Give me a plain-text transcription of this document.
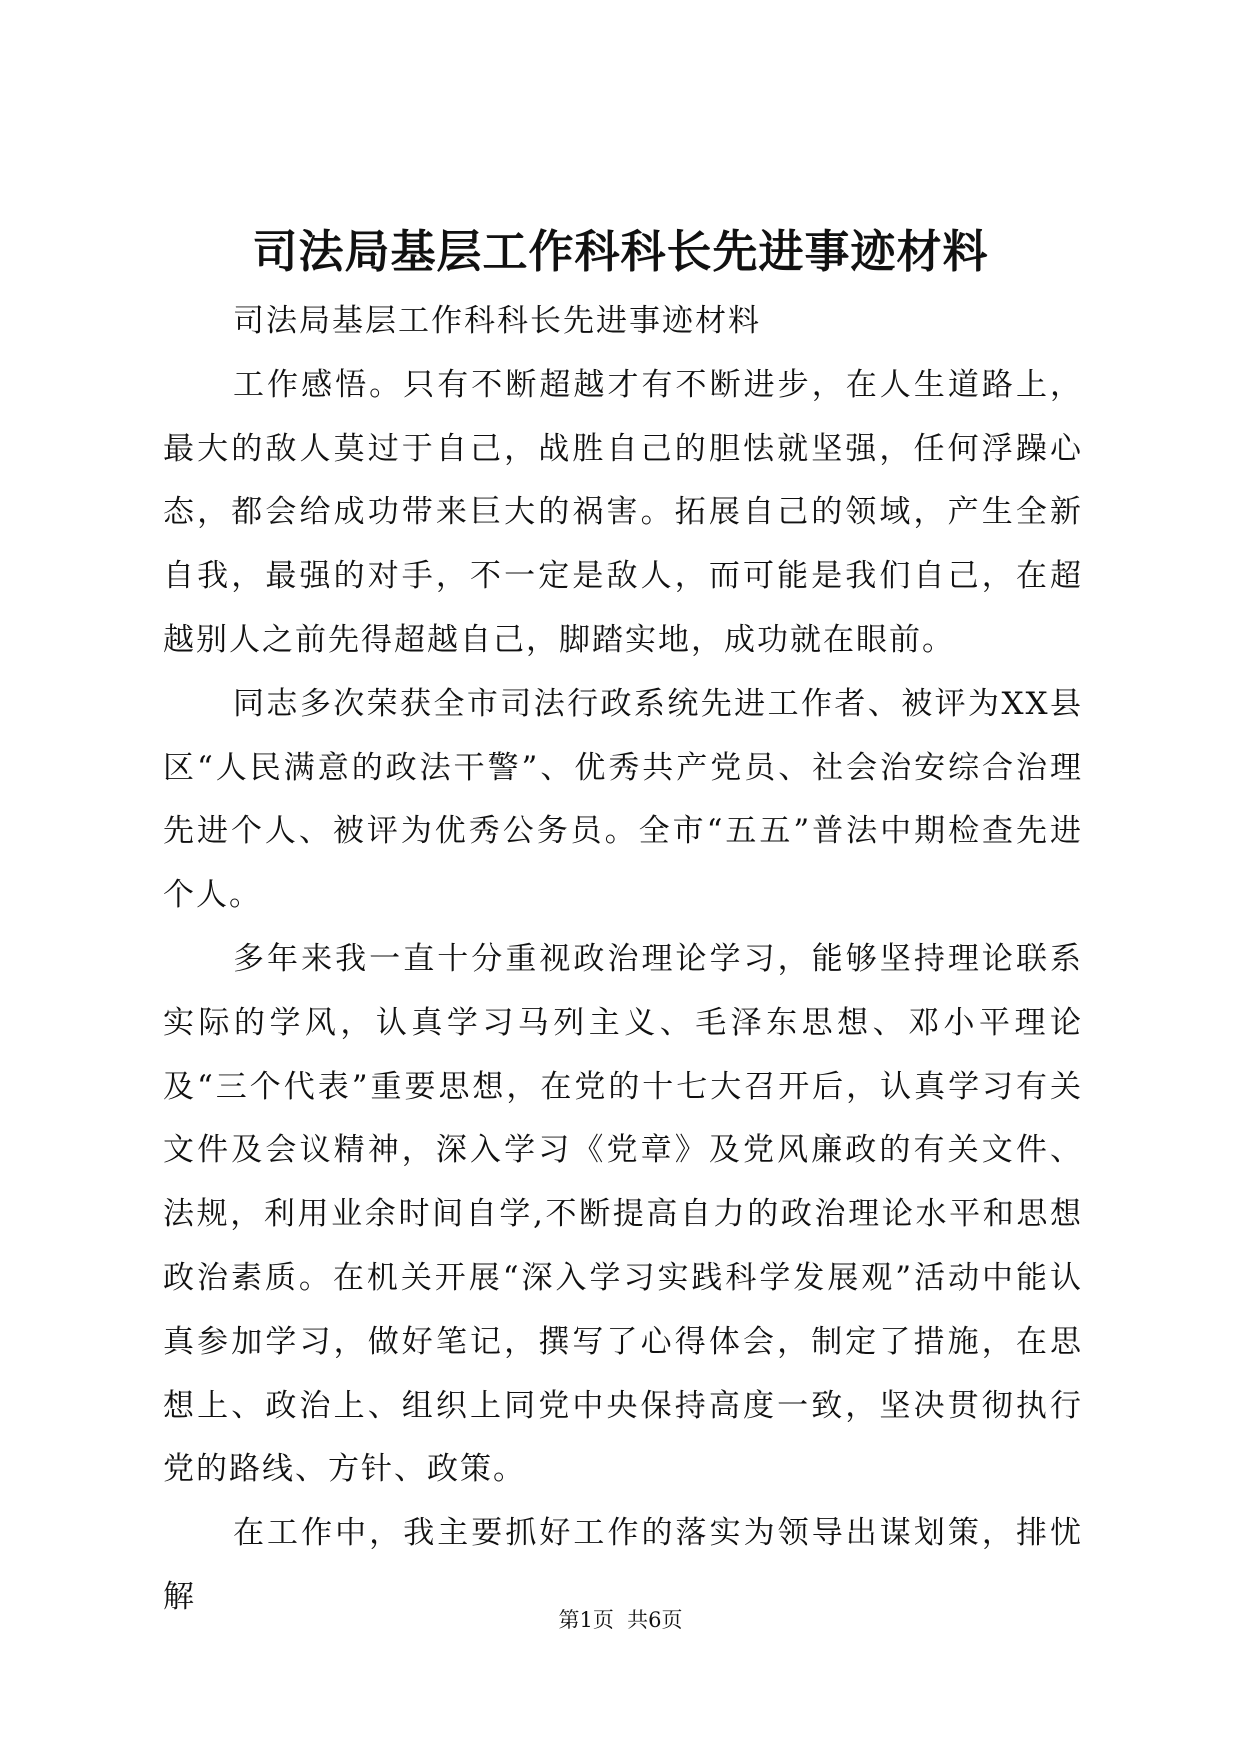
司法局基层工作科科长先进事迹材料

司法局基层工作科科长先进事迹材料

工作感悟。只有不断超越才有不断进步，在人生道路上，最大的敌人莫过于自己，战胜自己的胆怯就坚强，任何浮躁心态，都会给成功带来巨大的祸害。拓展自己的领域，产生全新自我，最强的对手，不一定是敌人，而可能是我们自己，在超越别人之前先得超越自己，脚踏实地，成功就在眼前。

同志多次荣获全市司法行政系统先进工作者、被评为XX县区“人民满意的政法干警”、优秀共产党员、社会治安综合治理先进个人、被评为优秀公务员。全市“五五”普法中期检查先进个人。

多年来我一直十分重视政治理论学习，能够坚持理论联系实际的学风，认真学习马列主义、毛泽东思想、邓小平理论及“三个代表”重要思想，在党的十七大召开后，认真学习有关文件及会议精神，深入学习《党章》及党风廉政的有关文件、法规，利用业余时间自学,不断提高自力的政治理论水平和思想政治素质。在机关开展“深入学习实践科学发展观”活动中能认真参加学习，做好笔记，撰写了心得体会，制定了措施，在思想上、政治上、组织上同党中央保持高度一致，坚决贯彻执行党的路线、方针、政策。

在工作中，我主要抓好工作的落实为领导出谋划策，排忧解

第1页  共6页
